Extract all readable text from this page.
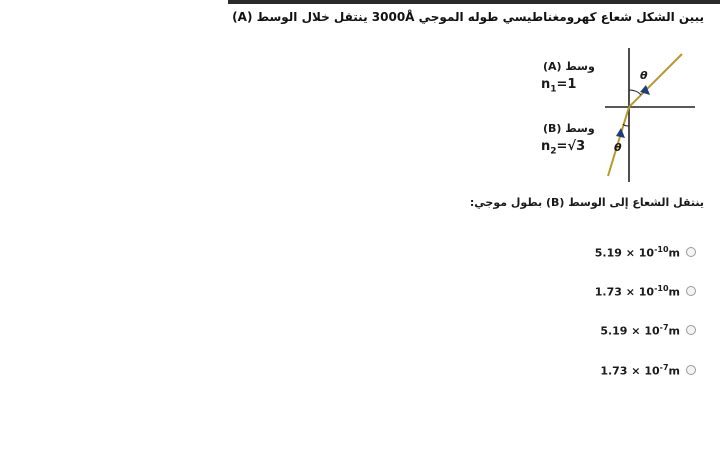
يبين الشكل شعاع كهرومغناطيسي طوله الموجي 3000Å ينتقل خلال الوسط (A)
وسط (A)
$n_1=1$
وسط (B)
$n_2=√3$
θ
θ
ينتقل الشعاع إلى الوسط (B) بطول موجي:
$5.19 \times 10^{-10}m$
$1.73 \times 10^{-10}m$
$5.19 \times 10^{-7}m$
$1.73 \times 10^{-7}m$
